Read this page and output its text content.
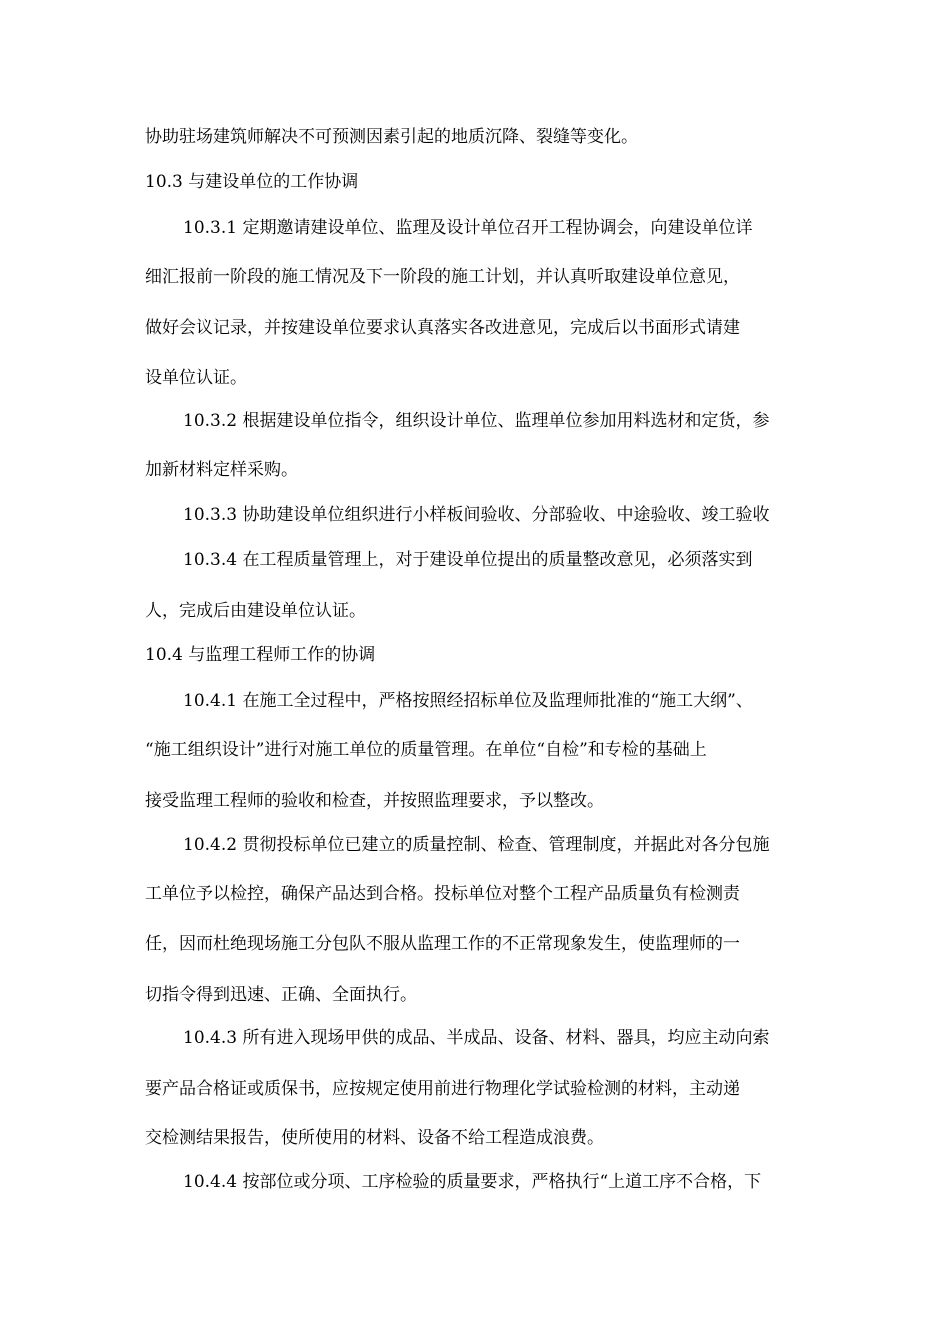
协助驻场建筑师解决不可预测因素引起的地质沉降、裂缝等变化。
10.3 与建设单位的工作协调
10.3.1 定期邀请建设单位、监理及设计单位召开工程协调会，向建设单位详
细汇报前一阶段的施工情况及下一阶段的施工计划，并认真听取建设单位意见，
做好会议记录，并按建设单位要求认真落实各改进意见，完成后以书面形式请建
设单位认证。
10.3.2 根据建设单位指令，组织设计单位、监理单位参加用料选材和定货，参
加新材料定样采购。
10.3.3 协助建设单位组织进行小样板间验收、分部验收、中途验收、竣工验收
10.3.4 在工程质量管理上，对于建设单位提出的质量整改意见，必须落实到
人，完成后由建设单位认证。
10.4 与监理工程师工作的协调
10.4.1 在施工全过程中，严格按照经招标单位及监理师批准的“施工大纲”、
“施工组织设计”进行对施工单位的质量管理。在单位“自检”和专检的基础上
接受监理工程师的验收和检查，并按照监理要求，予以整改。
10.4.2 贯彻投标单位已建立的质量控制、检查、管理制度，并据此对各分包施
工单位予以检控，确保产品达到合格。投标单位对整个工程产品质量负有检测责
任，因而杜绝现场施工分包队不服从监理工作的不正常现象发生，使监理师的一
切指令得到迅速、正确、全面执行。
10.4.3 所有进入现场甲供的成品、半成品、设备、材料、器具，均应主动向索
要产品合格证或质保书，应按规定使用前进行物理化学试验检测的材料，主动递
交检测结果报告，使所使用的材料、设备不给工程造成浪费。
10.4.4 按部位或分项、工序检验的质量要求，严格执行“上道工序不合格，下
